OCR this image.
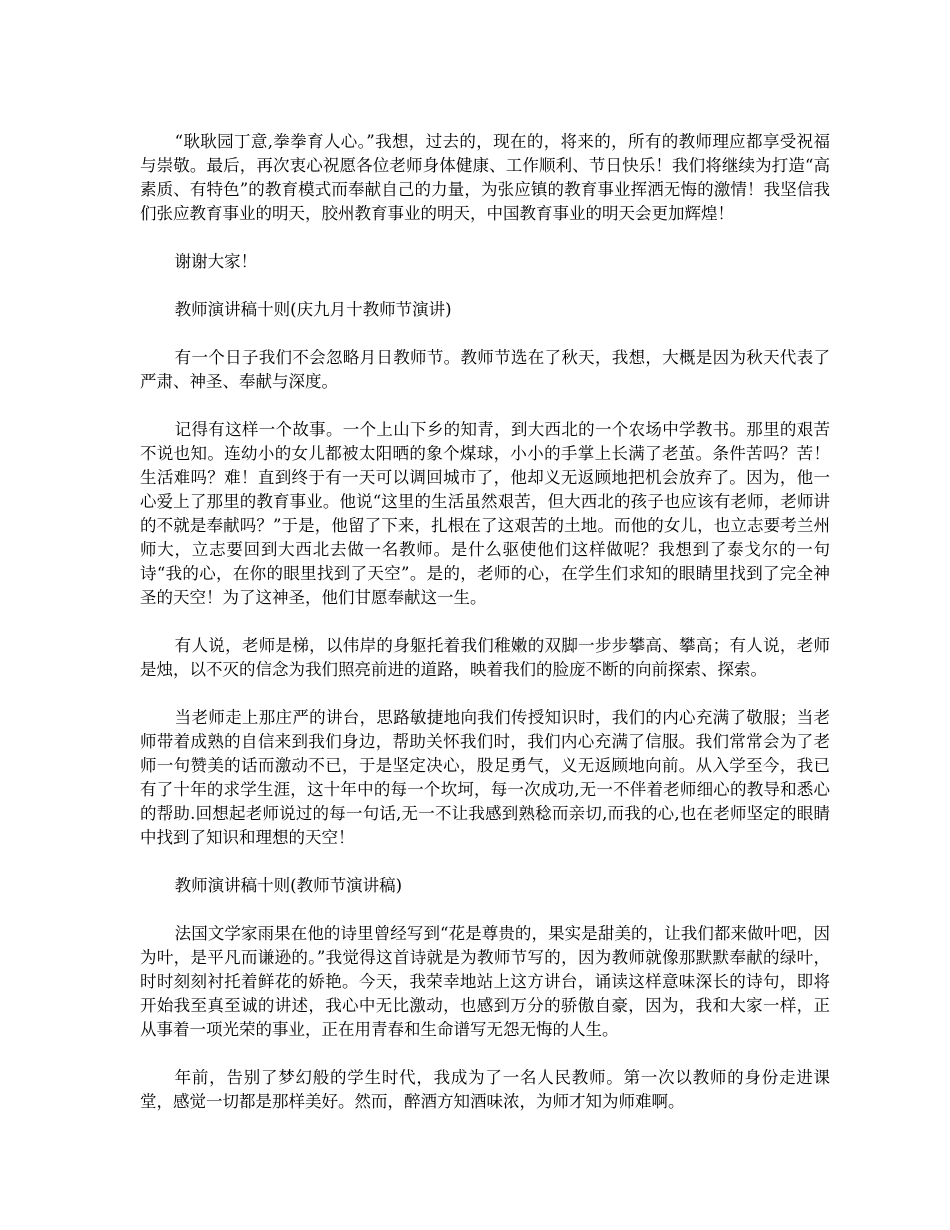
“耿耿园丁意,拳拳育人心。”我想，过去的，现在的，将来的，所有的教师理应都享受祝福与崇敬。最后，再次衷心祝愿各位老师身体健康、工作顺利、节日快乐！我们将继续为打造“高素质、有特色”的教育模式而奉献自己的力量，为张应镇的教育事业挥洒无悔的激情！我坚信我们张应教育事业的明天，胶州教育事业的明天，中国教育事业的明天会更加辉煌！

谢谢大家！

教师演讲稿十则(庆九月十教师节演讲)

有一个日子我们不会忽略月日教师节。教师节选在了秋天，我想，大概是因为秋天代表了严肃、神圣、奉献与深度。

记得有这样一个故事。一个上山下乡的知青，到大西北的一个农场中学教书。那里的艰苦不说也知。连幼小的女儿都被太阳晒的象个煤球，小小的手掌上长满了老茧。条件苦吗？苦！生活难吗？难！直到终于有一天可以调回城市了，他却义无返顾地把机会放弃了。因为，他一心爱上了那里的教育事业。他说“这里的生活虽然艰苦，但大西北的孩子也应该有老师，老师讲的不就是奉献吗？”于是，他留了下来，扎根在了这艰苦的土地。而他的女儿，也立志要考兰州师大，立志要回到大西北去做一名教师。是什么驱使他们这样做呢？我想到了泰戈尔的一句诗“我的心，在你的眼里找到了天空”。是的，老师的心，在学生们求知的眼睛里找到了完全神圣的天空！为了这神圣，他们甘愿奉献这一生。

有人说，老师是梯，以伟岸的身躯托着我们稚嫩的双脚一步步攀高、攀高；有人说，老师是烛，以不灭的信念为我们照亮前进的道路，映着我们的脸庞不断的向前探索、探索。

当老师走上那庄严的讲台，思路敏捷地向我们传授知识时，我们的内心充满了敬服；当老师带着成熟的自信来到我们身边，帮助关怀我们时，我们内心充满了信服。我们常常会为了老师一句赞美的话而激动不已，于是坚定决心，股足勇气，义无返顾地向前。从入学至今，我已有了十年的求学生涯，这十年中的每一个坎坷，每一次成功,无一不伴着老师细心的教导和悉心的帮助.回想起老师说过的每一句话,无一不让我感到熟稔而亲切,而我的心,也在老师坚定的眼睛中找到了知识和理想的天空！

教师演讲稿十则(教师节演讲稿)

法国文学家雨果在他的诗里曾经写到“花是尊贵的，果实是甜美的，让我们都来做叶吧，因为叶，是平凡而谦逊的。”我觉得这首诗就是为教师节写的，因为教师就像那默默奉献的绿叶，时时刻刻衬托着鲜花的娇艳。今天，我荣幸地站上这方讲台，诵读这样意味深长的诗句，即将开始我至真至诚的讲述，我心中无比激动，也感到万分的骄傲自豪，因为，我和大家一样，正从事着一项光荣的事业，正在用青春和生命谱写无怨无悔的人生。

年前，告别了梦幻般的学生时代，我成为了一名人民教师。第一次以教师的身份走进课堂，感觉一切都是那样美好。然而，醉酒方知酒味浓，为师才知为师难啊。
